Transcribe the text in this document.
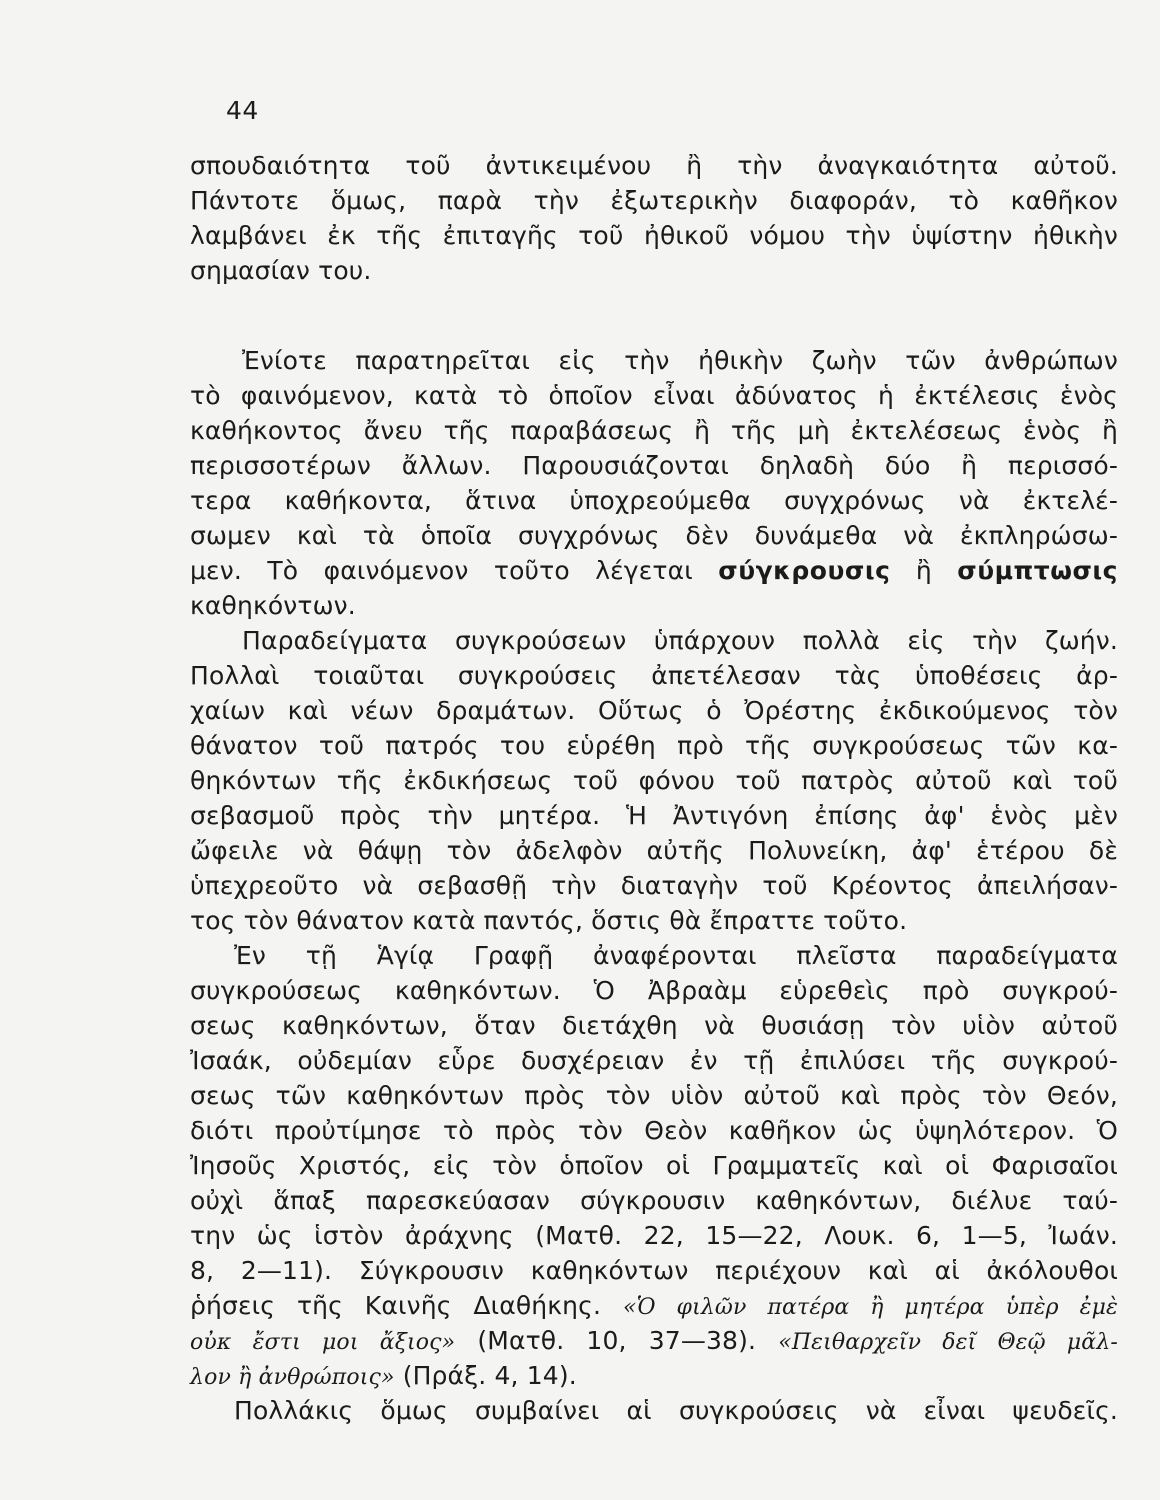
44
σπουδαιότητα τοῦ ἀντικειμένου ἢ τὴν ἀναγκαιότητα αὐτοῦ.
Πάντοτε ὅμως, παρὰ τὴν ἐξωτερικὴν διαφοράν, τὸ καθῆκον
λαμβάνει ἐκ τῆς ἐπιταγῆς τοῦ ἠθικοῦ νόμου τὴν ὑψίστην ἠθικὴν
σημασίαν του.
Ἐνίοτε παρατηρεῖται εἰς τὴν ἠθικὴν ζωὴν τῶν ἀνθρώπων
τὸ φαινόμενον, κατὰ τὸ ὁποῖον εἶναι ἀδύνατος ἡ ἐκτέλεσις ἑνὸς
καθήκοντος ἄνευ τῆς παραβάσεως ἢ τῆς μὴ ἐκτελέσεως ἑνὸς ἢ
περισσοτέρων ἄλλων. Παρουσιάζονται δηλαδὴ δύο ἢ περισσό-
τερα καθήκοντα, ἅτινα ὑποχρεούμεθα συγχρόνως νὰ ἐκτελέ-
σωμεν καὶ τὰ ὁποῖα συγχρόνως δὲν δυνάμεθα νὰ ἐκπληρώσω-
μεν. Τὸ φαινόμενον τοῦτο λέγεται σύγκρουσις ἢ σύμπτωσις
καθηκόντων.
Παραδείγματα συγκρούσεων ὑπάρχουν πολλὰ εἰς τὴν ζωήν.
Πολλαὶ τοιαῦται συγκρούσεις ἀπετέλεσαν τὰς ὑποθέσεις ἀρ-
χαίων καὶ νέων δραμάτων. Οὕτως ὁ Ὀρέστης ἐκδικούμενος τὸν
θάνατον τοῦ πατρός του εὑρέθη πρὸ τῆς συγκρούσεως τῶν κα-
θηκόντων τῆς ἐκδικήσεως τοῦ φόνου τοῦ πατρὸς αὐτοῦ καὶ τοῦ
σεβασμοῦ πρὸς τὴν μητέρα. Ἡ Ἀντιγόνη ἐπίσης ἀφ' ἑνὸς μὲν
ὤφειλε νὰ θάψῃ τὸν ἀδελφὸν αὐτῆς Πολυνείκη, ἀφ' ἑτέρου δὲ
ὑπεχρεοῦτο νὰ σεβασθῇ τὴν διαταγὴν τοῦ Κρέοντος ἀπειλήσαν-
τος τὸν θάνατον κατὰ παντός, ὅστις θὰ ἔπραττε τοῦτο.
Ἐν τῇ Ἁγίᾳ Γραφῇ ἀναφέρονται πλεῖστα παραδείγματα
συγκρούσεως καθηκόντων. Ὁ Ἀβραὰμ εὑρεθεὶς πρὸ συγκρού-
σεως καθηκόντων, ὅταν διετάχθη νὰ θυσιάσῃ τὸν υἱὸν αὐτοῦ
Ἰσαάκ, οὐδεμίαν εὗρε δυσχέρειαν ἐν τῇ ἐπιλύσει τῆς συγκρού-
σεως τῶν καθηκόντων πρὸς τὸν υἱὸν αὐτοῦ καὶ πρὸς τὸν Θεόν,
διότι προὐτίμησε τὸ πρὸς τὸν Θεὸν καθῆκον ὡς ὑψηλότερον. Ὁ
Ἰησοῦς Χριστός, εἰς τὸν ὁποῖον οἱ Γραμματεῖς καὶ οἱ Φαρισαῖοι
οὐχὶ ἅπαξ παρεσκεύασαν σύγκρουσιν καθηκόντων, διέλυε ταύ-
την ὡς ἱστὸν ἀράχνης (Ματθ. 22, 15—22, Λουκ. 6, 1—5, Ἰωάν.
8, 2—11). Σύγκρουσιν καθηκόντων περιέχουν καὶ αἱ ἀκόλουθοι
ῥήσεις τῆς Καινῆς Διαθήκης. «Ὁ φιλῶν πατέρα ἢ μητέρα ὑπὲρ ἐμὲ
οὐκ ἔστι μοι ἄξιος» (Ματθ. 10, 37—38). «Πειθαρχεῖν δεῖ Θεῷ μᾶλ-
λον ἢ ἀνθρώποις» (Πράξ. 4, 14).
Πολλάκις ὅμως συμβαίνει αἱ συγκρούσεις νὰ εἶναι ψευδεῖς.
